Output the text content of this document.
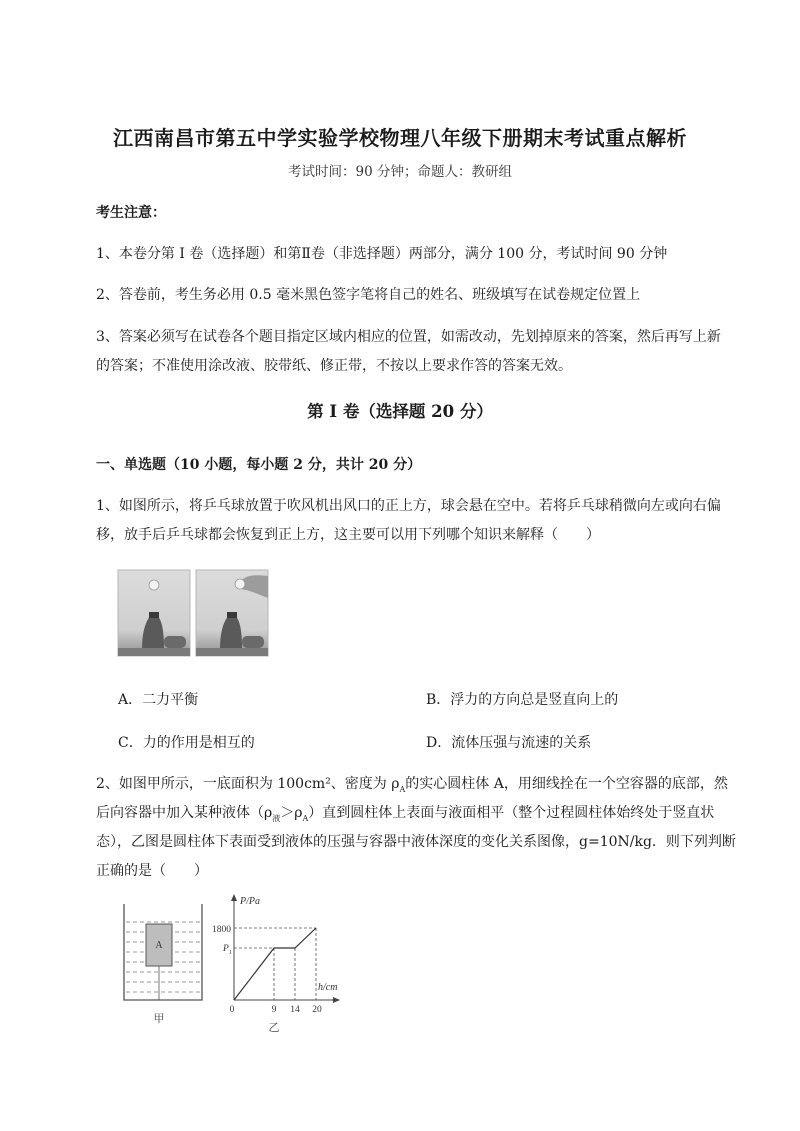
江西南昌市第五中学实验学校物理八年级下册期末考试重点解析
考试时间：90 分钟；命题人：教研组
考生注意：
1、本卷分第 I 卷（选择题）和第Ⅱ卷（非选择题）两部分，满分 100 分，考试时间 90 分钟
2、答卷前，考生务必用 0.5 毫米黑色签字笔将自己的姓名、班级填写在试卷规定位置上
3、答案必须写在试卷各个题目指定区域内相应的位置，如需改动，先划掉原来的答案，然后再写上新
的答案；不准使用涂改液、胶带纸、修正带，不按以上要求作答的答案无效。
第 I 卷（选择题 20 分）
一、单选题（10 小题，每小题 2 分，共计 20 分）
1、如图所示，将乒乓球放置于吹风机出风口的正上方，球会悬在空中。若将乒乓球稍微向左或向右偏
移，放手后乒乓球都会恢复到正上方，这主要可以用下列哪个知识来解释（　　）
A．二力平衡	B．浮力的方向总是竖直向上的
C．力的作用是相互的	D．流体压强与流速的关系
2、如图甲所示，一底面积为 100cm²、密度为 $\rho_A$的实心圆柱体 A，用细线拴在一个空容器的底部，然
后向容器中加入某种液体$(\rho_液>\rho_A)$直到圆柱体上表面与液面相平（整个过程圆柱体始终处于竖直状
态），乙图是圆柱体下表面受到液体的压强与容器中液体深度的变化关系图像，g=10N/kg．则下列判断
正确的是（　　）
A
甲
P/Pa
1800
$P_1$
h/cm
0	9 14 20
乙
